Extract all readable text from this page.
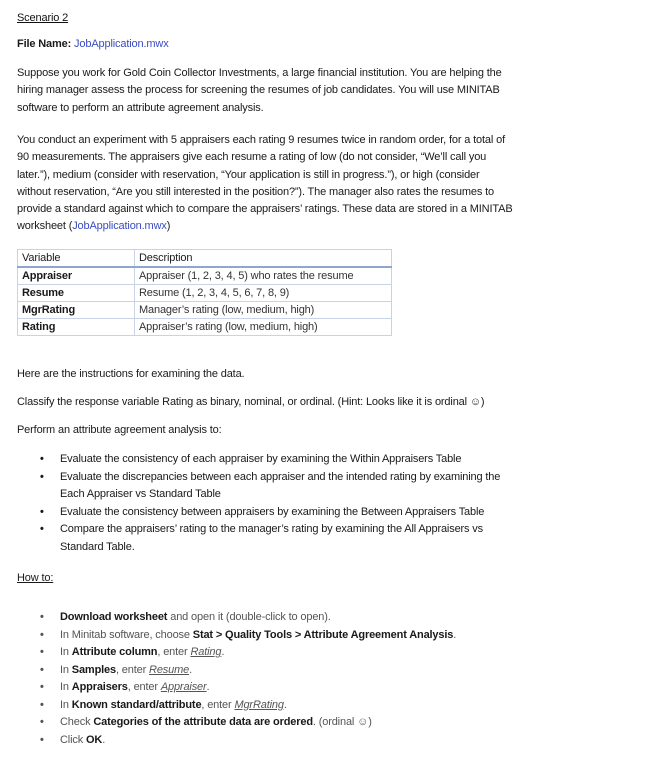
Scenario 2
File Name: JobApplication.mwx
Suppose you work for Gold Coin Collector Investments, a large financial institution. You are helping the
hiring manager assess the process for screening the resumes of job candidates. You will use MINITAB
software to perform an attribute agreement analysis.
You conduct an experiment with 5 appraisers each rating 9 resumes twice in random order, for a total of
90 measurements. The appraisers give each resume a rating of low (do not consider, “We’ll call you
later.”), medium (consider with reservation, “Your application is still in progress.”), or high (consider
without reservation, “Are you still interested in the position?”). The manager also rates the resumes to
provide a standard against which to compare the appraisers’ ratings. These data are stored in a MINITAB
worksheet (JobApplication.mwx)
Variable	Description
Appraiser	Appraiser (1, 2, 3, 4, 5) who rates the resume
Resume	Resume (1, 2, 3, 4, 5, 6, 7, 8, 9)
MgrRating	Manager’s rating (low, medium, high)
Rating	Appraiser’s rating (low, medium, high)
Here are the instructions for examining the data.
Classify the response variable Rating as binary, nominal, or ordinal. (Hint: Looks like it is ordinal ☺)
Perform an attribute agreement analysis to:
• Evaluate the consistency of each appraiser by examining the Within Appraisers Table
• Evaluate the discrepancies between each appraiser and the intended rating by examining the
Each Appraiser vs Standard Table
• Evaluate the consistency between appraisers by examining the Between Appraisers Table
• Compare the appraisers’ rating to the manager’s rating by examining the All Appraisers vs
Standard Table.
How to:
• Download worksheet and open it (double-click to open).
• In Minitab software, choose Stat > Quality Tools > Attribute Agreement Analysis.
• In Attribute column, enter Rating.
• In Samples, enter Resume.
• In Appraisers, enter Appraiser.
• In Known standard/attribute, enter MgrRating.
• Check Categories of the attribute data are ordered. (ordinal ☺)
• Click OK.
